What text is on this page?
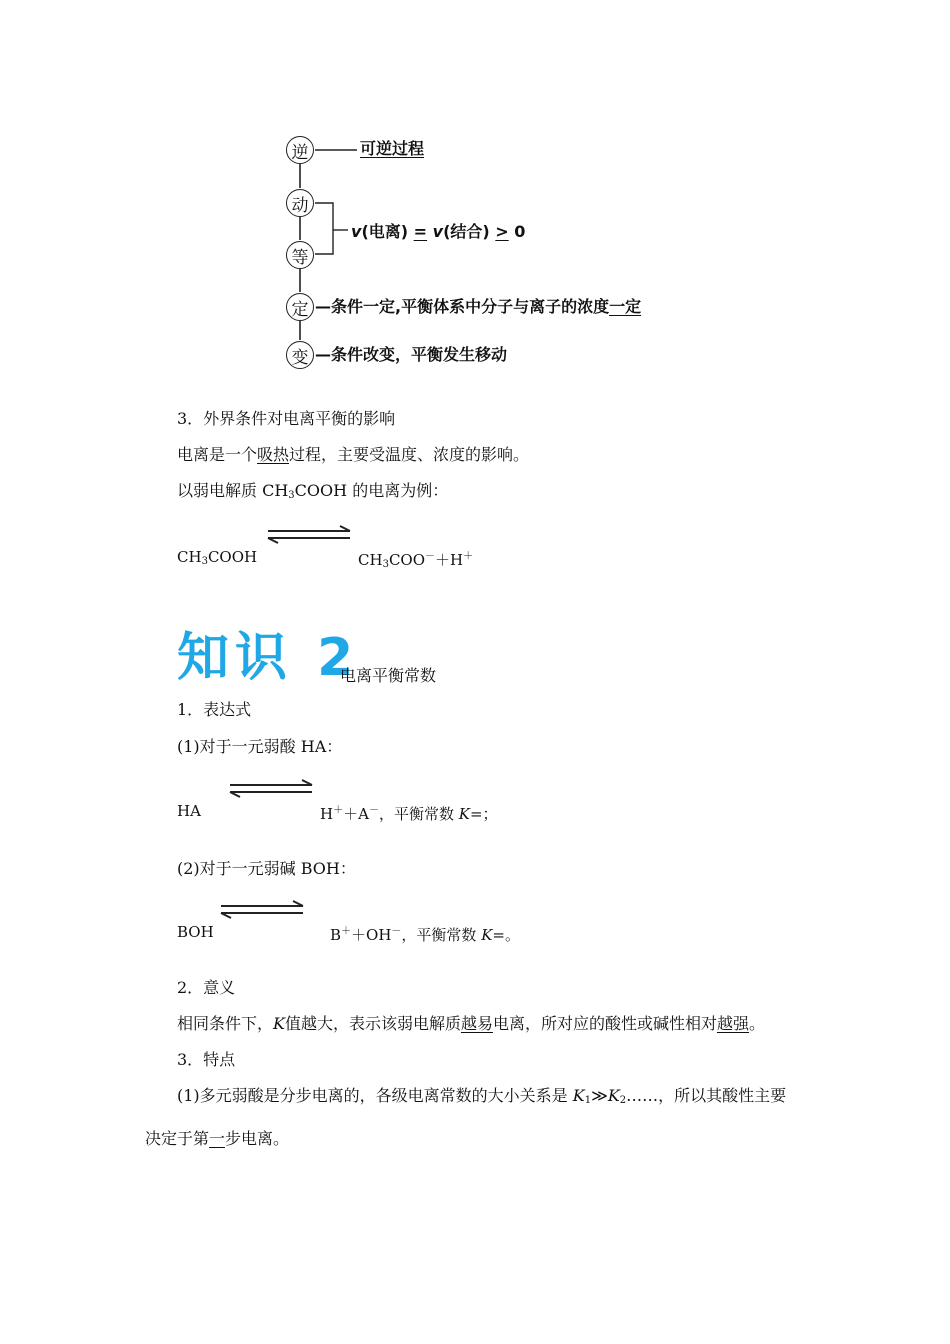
逆
动
等
定
变
可逆过程
v(电离) = v(结合) > 0
—条件一定,平衡体系中分子与离子的浓度一定
—条件改变，平衡发生移动
3．外界条件对电离平衡的影响
电离是一个吸热过程，主要受温度、浓度的影响。
以弱电解质 $CH_3COOH$ 的电离为例：
$CH_3COOH$	$CH_3COO^-+H^+$
知识 2
电离平衡常数
1．表达式
(1)对于一元弱酸 HA：
HA	H＋＋A－，平衡常数 K=；
(2)对于一元弱碱 BOH：
BOH	B＋＋OH－，平衡常数 K=。
2．意义
相同条件下，K值越大，表示该弱电解质越易电离，所对应的酸性或碱性相对越强。
3．特点
(1)多元弱酸是分步电离的，各级电离常数的大小关系是 $K_1≫K_2\dots\dots$，所以其酸性主要
决定于第一步电离。
